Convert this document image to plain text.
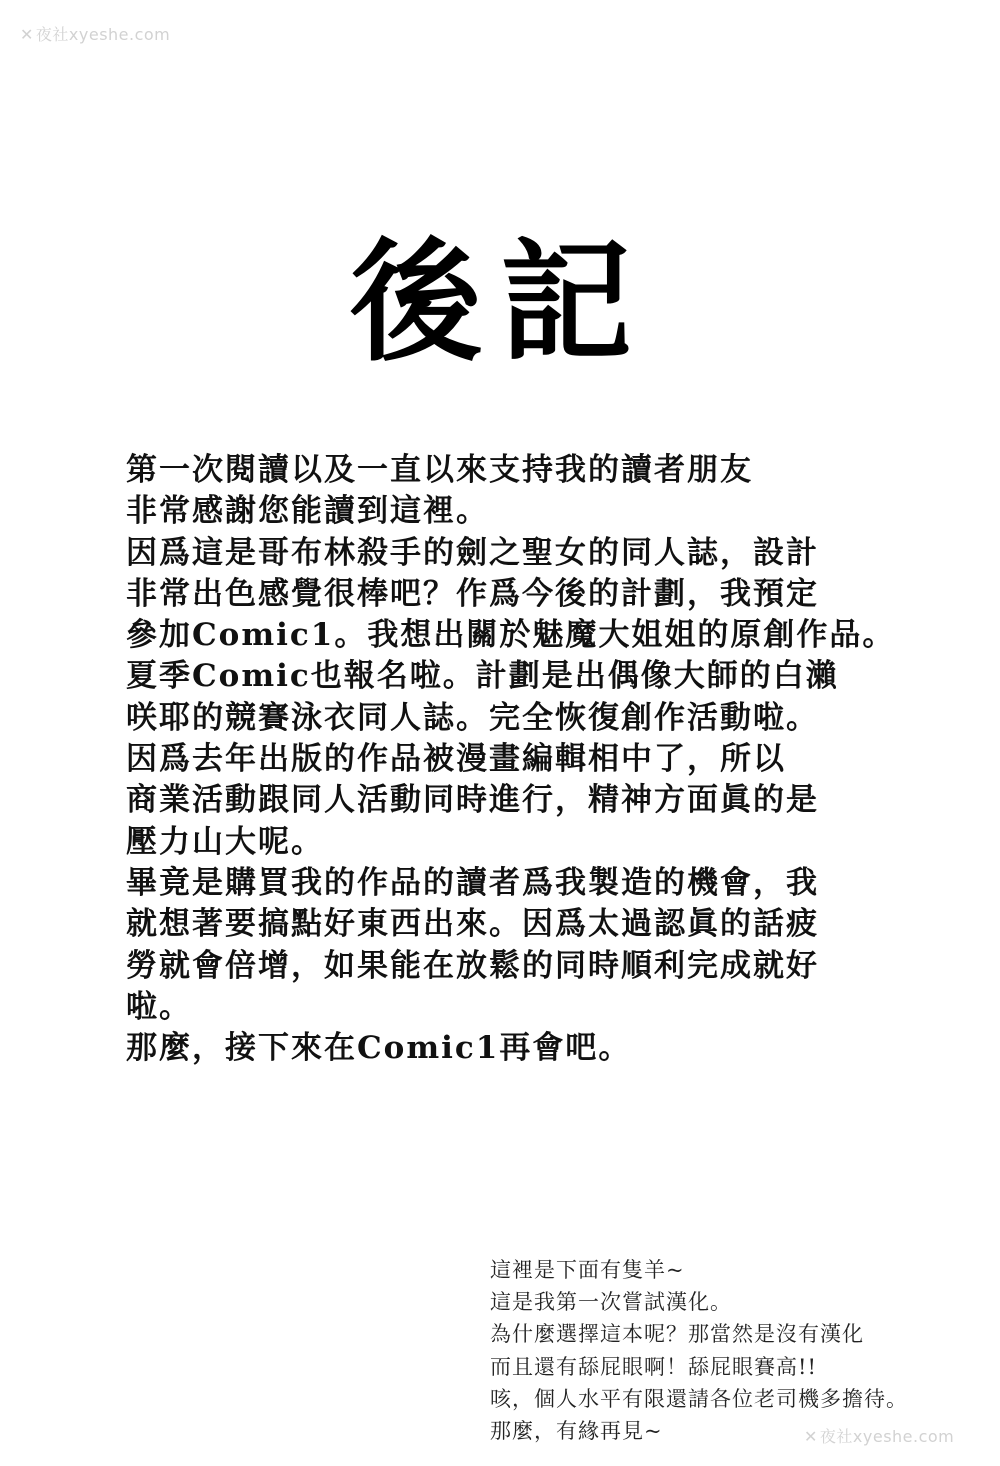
✕ 夜社xyeshe.com
後記
第一次閱讀以及一直以來支持我的讀者朋友
非常感謝您能讀到這裡。
因爲這是哥布林殺手的劍之聖女的同人誌，設計
非常出色感覺很棒吧？作爲今後的計劃，我預定
參加Comic1。我想出關於魅魔大姐姐的原創作品。
夏季Comic也報名啦。計劃是出偶像大師的白瀨
咲耶的競賽泳衣同人誌。完全恢復創作活動啦。
因爲去年出版的作品被漫畫編輯相中了，所以
商業活動跟同人活動同時進行，精神方面眞的是
壓力山大呢。
畢竟是購買我的作品的讀者爲我製造的機會，我
就想著要搞點好東西出來。因爲太過認眞的話疲
勞就會倍增，如果能在放鬆的同時順利完成就好
啦。
那麼，接下來在Comic1再會吧。
這裡是下面有隻羊~
這是我第一次嘗試漢化。
為什麼選擇這本呢？那當然是沒有漢化
而且還有舔屁眼啊！舔屁眼賽高!!
咳，個人水平有限還請各位老司機多擔待。
那麼，有緣再見~	✕ 夜社xyeshe.com
